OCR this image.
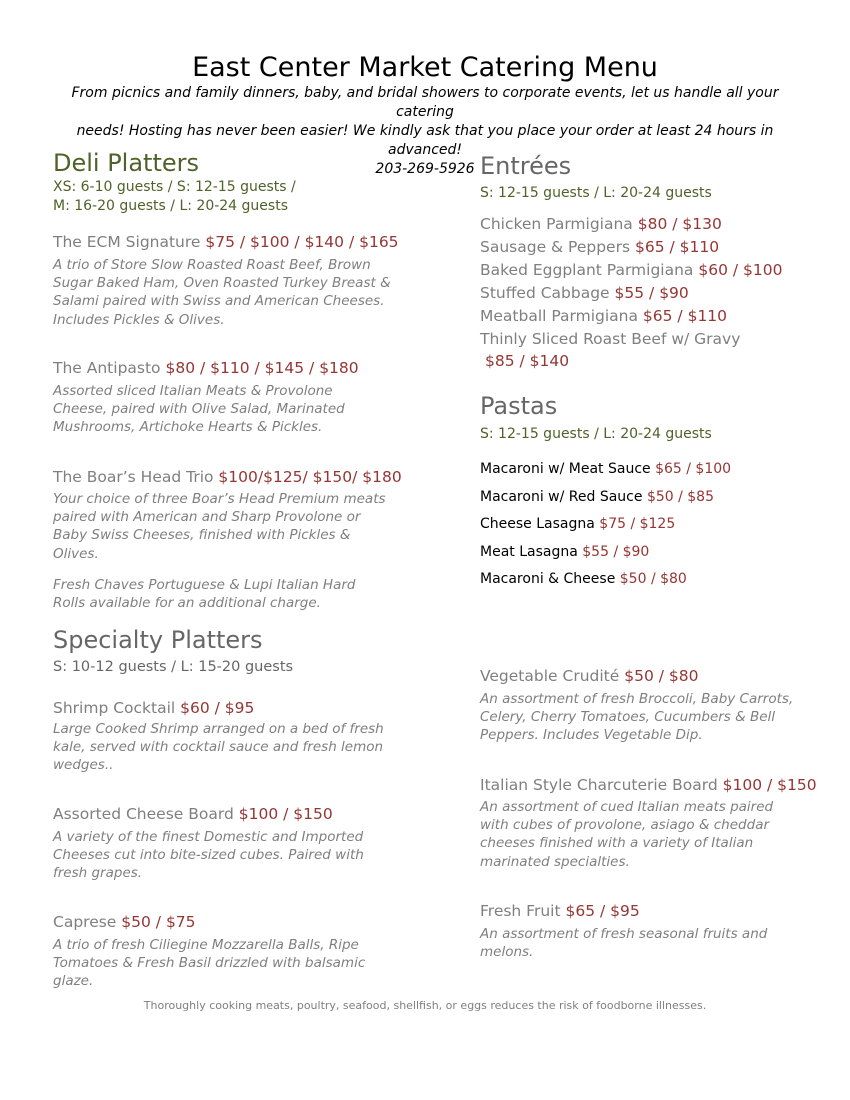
East Center Market Catering Menu
From picnics and family dinners, baby, and bridal showers to corporate events, let us handle all your catering
needs! Hosting has never been easier! We kindly ask that you place your order at least 24 hours in advanced!
203-269-5926
Deli Platters
XS: 6-10 guests / S: 12-15 guests /
M: 16-20 guests / L: 20-24 guests
The ECM Signature $75 / $100 / $140 / $165
A trio of Store Slow Roasted Roast Beef, Brown Sugar Baked Ham, Oven Roasted Turkey Breast & Salami paired with Swiss and American Cheeses. Includes Pickles & Olives.
The Antipasto $80 / $110 / $145 / $180
Assorted sliced Italian Meats & Provolone Cheese, paired with Olive Salad, Marinated Mushrooms, Artichoke Hearts & Pickles.
The Boar’s Head Trio $100/$125/ $150/ $180
Your choice of three Boar’s Head Premium meats paired with American and Sharp Provolone or Baby Swiss Cheeses, finished with Pickles & Olives.
Fresh Chaves Portuguese & Lupi Italian Hard Rolls available for an additional charge.
Specialty Platters
S: 10-12 guests / L: 15-20 guests
Shrimp Cocktail $60 / $95
Large Cooked Shrimp arranged on a bed of fresh kale, served with cocktail sauce and fresh lemon wedges..
Assorted Cheese Board $100 / $150
A variety of the finest Domestic and Imported Cheeses cut into bite-sized cubes. Paired with fresh grapes.
Caprese $50 / $75
A trio of fresh Ciliegine Mozzarella Balls, Ripe Tomatoes & Fresh Basil drizzled with balsamic glaze.
Entrées
S: 12-15 guests / L: 20-24 guests
Chicken Parmigiana $80 / $130
Sausage & Peppers $65 / $110
Baked Eggplant Parmigiana $60 / $100
Stuffed Cabbage $55 / $90
Meatball Parmigiana $65 / $110
Thinly Sliced Roast Beef w/ Gravy
$85 / $140
Pastas
S: 12-15 guests / L: 20-24 guests
Macaroni w/ Meat Sauce $65 / $100
Macaroni w/ Red Sauce $50 / $85
Cheese Lasagna $75 / $125
Meat Lasagna $55 / $90
Macaroni & Cheese $50 / $80
Vegetable Crudité $50 / $80
An assortment of fresh Broccoli, Baby Carrots, Celery, Cherry Tomatoes, Cucumbers & Bell Peppers. Includes Vegetable Dip.
Italian Style Charcuterie Board $100 / $150
An assortment of cued Italian meats paired with cubes of provolone, asiago & cheddar cheeses finished with a variety of Italian marinated specialties.
Fresh Fruit $65 / $95
An assortment of fresh seasonal fruits and melons.
Thoroughly cooking meats, poultry, seafood, shellfish, or eggs reduces the risk of foodborne illnesses.
